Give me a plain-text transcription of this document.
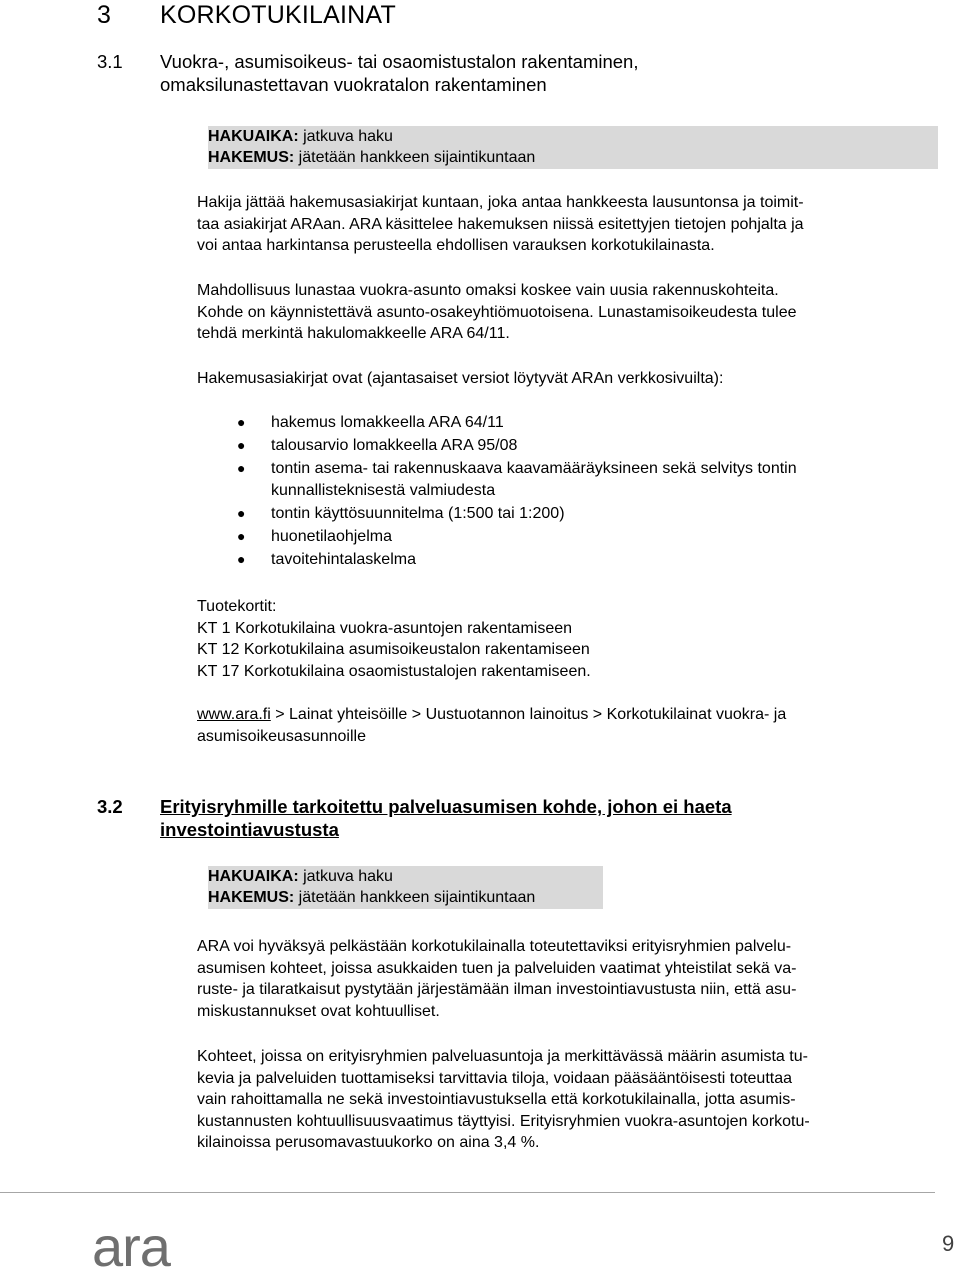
3 KORKOTUKILAINAT
3.1 Vuokra-, asumisoikeus- tai osaomistustalon rakentaminen,
omaksilunastettavan vuokratalon rakentaminen
HAKUAIKA: jatkuva haku
HAKEMUS: jätetään hankkeen sijaintikuntaan
Hakija jättää hakemusasiakirjat kuntaan, joka antaa hankkeesta lausuntonsa ja toimit-
taa asiakirjat ARAan. ARA käsittelee hakemuksen niissä esitettyjen tietojen pohjalta ja
voi antaa harkintansa perusteella ehdollisen varauksen korkotukilainasta.
Mahdollisuus lunastaa vuokra-asunto omaksi koskee vain uusia rakennuskohteita.
Kohde on käynnistettävä asunto-osakeyhtiömuotoisena. Lunastamisoikeudesta tulee
tehdä merkintä hakulomakkeelle ARA 64/11.
Hakemusasiakirjat ovat (ajantasaiset versiot löytyvät ARAn verkkosivuilta):
● hakemus lomakkeella ARA 64/11
● talousarvio lomakkeella ARA 95/08
● tontin asema- tai rakennuskaava kaavamääräyksineen sekä selvitys tontin
kunnallisteknisestä valmiudesta
● tontin käyttösuunnitelma (1:500 tai 1:200)
● huonetilaohjelma
● tavoitehintalaskelma
Tuotekortit:
KT 1 Korkotukilaina vuokra-asuntojen rakentamiseen
KT 12 Korkotukilaina asumisoikeustalon rakentamiseen
KT 17 Korkotukilaina osaomistustalojen rakentamiseen.
www.ara.fi > Lainat yhteisöille > Uustuotannon lainoitus > Korkotukilainat vuokra- ja
asumisoikeusasunnoille
3.2 Erityisryhmille tarkoitettu palveluasumisen kohde, johon ei haeta
investointiavustusta
HAKUAIKA: jatkuva haku
HAKEMUS: jätetään hankkeen sijaintikuntaan
ARA voi hyväksyä pelkästään korkotukilainalla toteutettaviksi erityisryhmien palvelu-
asumisen kohteet, joissa asukkaiden tuen ja palveluiden vaatimat yhteistilat sekä va-
ruste- ja tilaratkaisut pystytään järjestämään ilman investointiavustusta niin, että asu-
miskustannukset ovat kohtuulliset.
Kohteet, joissa on erityisryhmien palveluasuntoja ja merkittävässä määrin asumista tu-
kevia ja palveluiden tuottamiseksi tarvittavia tiloja, voidaan pääsääntöisesti toteuttaa
vain rahoittamalla ne sekä investointiavustuksella että korkotukilainalla, jotta asumis-
kustannusten kohtuullisuusvaatimus täyttyisi. Erityisryhmien vuokra-asuntojen korkotu-
kilainoissa perusomavastuukorko on aina 3,4 %.
ara	9
